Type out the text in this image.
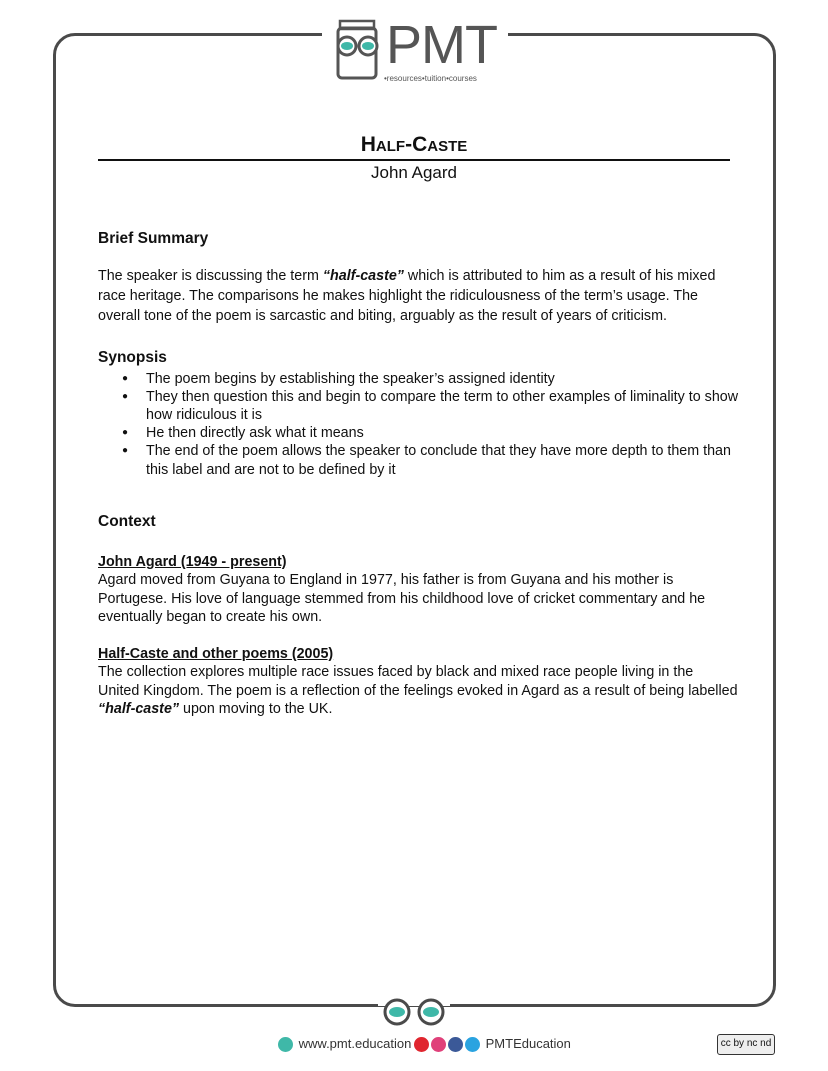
PMT
•resources•tuition•courses
Half-Caste
John Agard
Brief Summary
The speaker is discussing the term “half-caste” which is attributed to him as a result of his mixed race heritage. The comparisons he makes highlight the ridiculousness of the term’s usage. The overall tone of the poem is sarcastic and biting, arguably as the result of years of criticism.
Synopsis
● The poem begins by establishing the speaker’s assigned identity
● They then question this and begin to compare the term to other examples of liminality to show how ridiculous it is
● He then directly ask what it means
● The end of the poem allows the speaker to conclude that they have more depth to them than this label and are not to be defined by it
Context
John Agard (1949 - present)
Agard moved from Guyana to England in 1977, his father is from Guyana and his mother is Portugese. His love of language stemmed from his childhood love of cricket commentary and he eventually began to create his own.
Half-Caste and other poems (2005)
The collection explores multiple race issues faced by black and mixed race people living in the United Kingdom. The poem is a reflection of the feelings evoked in Agard as a result of being labelled “half-caste” upon moving to the UK.
www.pmt.education	PMTEducation	cc by nc nd
